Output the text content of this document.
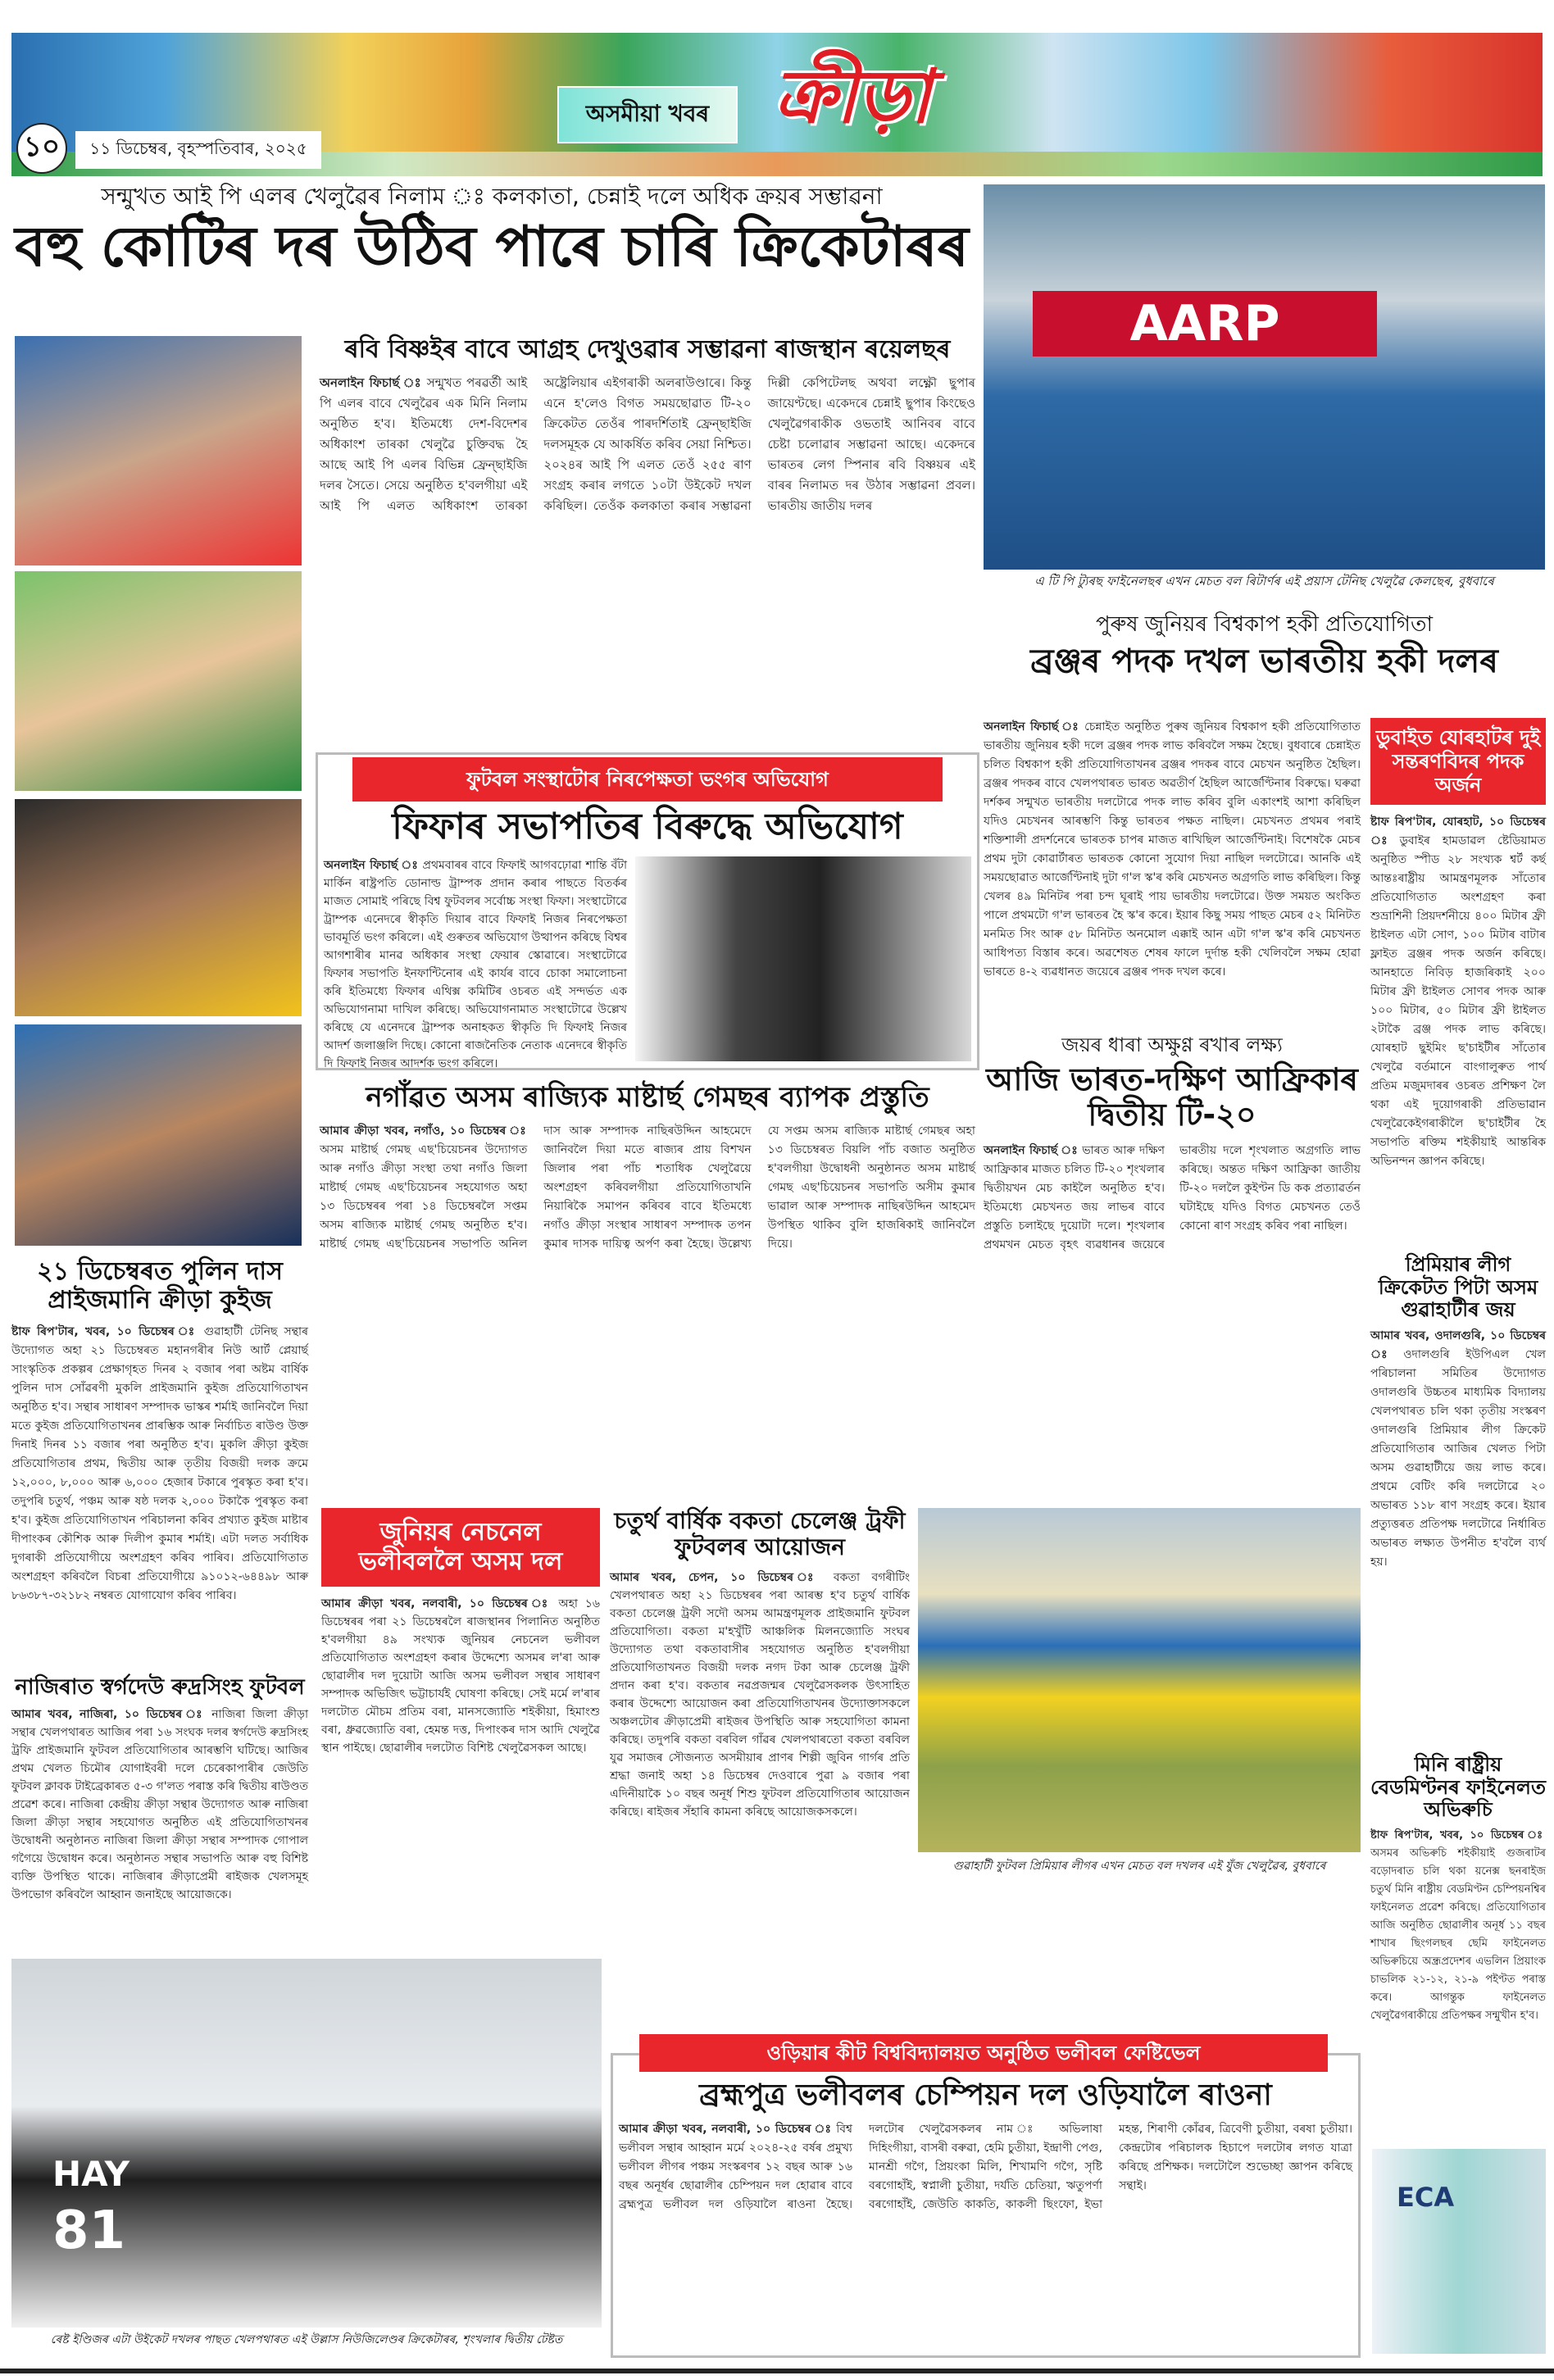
১০	১১ ডিচেম্বৰ, বৃহস্পতিবাৰ, ২০২৫
অসমীয়া খবৰ ক্ৰীড়া
সন্মুখত আই পি এলৰ খেলুৱৈৰ নিলাম ঃ কলকাতা, চেন্নাই দলে অধিক ক্ৰয়ৰ সম্ভাৱনা
বহু কোটিৰ দৰ উঠিব পাৰে চাৰি ক্ৰিকেটাৰৰ
ৰবি বিষ্ণইৰ বাবে আগ্ৰহ দেখুওৱাৰ সম্ভাৱনা ৰাজস্থান ৰয়েলছৰ
অনলাইন ফিচাৰ্ছ ঃ সন্মুখত পৰৱৰ্তী আই পি এলৰ বাবে খেলুৱৈৰ এক মিনি নিলাম অনুষ্ঠিত হ'ব। ইতিমধ্যে দেশ-বিদেশৰ অধিকাংশ তাৰকা খেলুৱৈ চুক্তিবদ্ধ হৈ আছে আই পি এলৰ বিভিন্ন ফ্ৰেন্ছাইজি দলৰ সৈতে। সেয়ে অনুষ্ঠিত হ'বলগীয়া এই আই পি এলত অধিকাংশ তাৰকা অষ্ট্ৰেলিয়াৰ এইগৰাকী অলৰাউণ্ডাৰে। কিন্তু এনে হ'লেও বিগত সময়ছোৱাত টি-২০ ক্ৰিকেটত তেওঁৰ পাৰদৰ্শিতাই ফ্ৰেন্ছাইজি দলসমূহক যে আকৰ্ষিত কৰিব সেয়া নিশ্চিত। ২০২৪ৰ আই পি এলত তেওঁ ২৫৫ ৰাণ সংগ্ৰহ কৰাৰ লগতে ১০টা উইকেট দখল কৰিছিল। তেওঁক কলকাতা কৰাৰ সম্ভাৱনা দিল্লী কেপিটেলছ অথবা লক্ষ্ণৌ ছুপাৰ জায়েণ্টছে। একেদৰে চেন্নাই ছুপাৰ কিংছেও খেলুৱৈগৰাকীক ওভতাই আনিবৰ বাবে চেষ্টা চলোৱাৰ সম্ভাৱনা আছে। একেদৰে ভাৰতৰ লেগ স্পিনাৰ ৰবি বিষ্ণয়ৰ এই বাৰৰ নিলামত দৰ উঠাৰ সম্ভাৱনা প্ৰবল। ভাৰতীয় জাতীয় দলৰ
AARP
এ টি পি ট্যুৰছ ফাইনেলছৰ এখন মেচত বল ৰিটাৰ্ণৰ এই প্ৰয়াস টেনিছ খেলুৱৈ কেলছেৰ, বুধবাৰে
পুৰুষ জুনিয়ৰ বিশ্বকাপ হকী প্ৰতিযোগিতা
ব্ৰঞ্জৰ পদক দখল ভাৰতীয় হকী দলৰ
অনলাইন ফিচাৰ্ছ ঃ চেন্নাইত অনুষ্ঠিত পুৰুষ জুনিয়ৰ বিশ্বকাপ হকী প্ৰতিযোগিতাত ভাৰতীয় জুনিয়ৰ হকী দলে ব্ৰঞ্জৰ পদক লাভ কৰিবলৈ সক্ষম হৈছে। বুধবাৰে চেন্নাইত চলিত বিশ্বকাপ হকী প্ৰতিযোগিতাখনৰ ব্ৰঞ্জৰ পদকৰ বাবে মেচখন অনুষ্ঠিত হৈছিল। ব্ৰঞ্জৰ পদকৰ বাবে খেলপথাৰত ভাৰত অৱতীৰ্ণ হৈছিল আৰ্জেণ্টিনাৰ বিৰুদ্ধে। ঘৰুৱা দৰ্শকৰ সন্মুখত ভাৰতীয় দলটোৱে পদক লাভ কৰিব বুলি একাংশই আশা কৰিছিল যদিও মেচখনৰ আৰম্ভণি কিন্তু ভাৰতৰ পক্ষত নাছিল। মেচখনত প্ৰথমৰ পৰাই শক্তিশালী প্ৰদৰ্শনেৰে ভাৰতক চাপৰ মাজত ৰাখিছিল আৰ্জেণ্টিনাই। বিশেষকৈ মেচৰ প্ৰথম দুটা কোৱাৰ্টাৰত ভাৰতক কোনো সুযোগ দিয়া নাছিল দলটোৱে। আনকি এই সময়ছোৱাত আৰ্জেণ্টিনাই দুটা গ'ল স্ক'ৰ কৰি মেচখনত অগ্ৰগতি লাভ কৰিছিল। কিন্তু খেলৰ ৪৯ মিনিটৰ পৰা চন্দ ঘূৰাই পায় ভাৰতীয় দলটোৱে। উক্ত সময়ত অংকিত পালে প্ৰথমটো গ'ল ভাৰতৰ হৈ স্ক'ৰ কৰে। ইয়াৰ কিছু সময় পাছত মেচৰ ৫২ মিনিটত মনমিত সিং আৰু ৫৮ মিনিটত অনমোল এক্কাই আন এটা গ'ল স্ক'ৰ কৰি মেচখনত আধিপত্য বিস্তাৰ কৰে। অৱশেষত শেষৰ ফালে দুৰ্দান্ত হকী খেলিবলৈ সক্ষম হোৱা ভাৰতে ৪-২ ব্যৱধানত জয়েৰে ব্ৰঞ্জৰ পদক দখল কৰে।
ডুবাইত যোৰহাটৰ দুই সন্তৰণবিদৰ পদক অৰ্জন
ষ্টাফ ৰিপ'টাৰ, যোৰহাট, ১০ ডিচেম্বৰ ঃ ডুবাইৰ হামডাৱল ষ্টেডিয়ামত অনুষ্ঠিত স্পীড ২৮ সংখ্যক শ্বৰ্ট কৰ্ছ আন্তঃৰাষ্ট্ৰীয় আমন্ত্ৰণমূলক সাঁতোৰ প্ৰতিযোগিতাত অংশগ্ৰহণ কৰা শুভ্ৰাশিনী প্ৰিয়দৰ্শনীয়ে ৪০০ মিটাৰ ফ্ৰী ষ্টাইলত এটা সোণ, ১০০ মিটাৰ বাটাৰ ফ্লাইত ব্ৰঞ্জৰ পদক অৰ্জন কৰিছে। আনহাতে নিবিড় হাজৰিকাই ২০০ মিটাৰ ফ্ৰী ষ্টাইলত সোণৰ পদক আৰু ১০০ মিটাৰ, ৫০ মিটাৰ ফ্ৰী ষ্টাইলত ২টাকৈ ব্ৰঞ্জ পদক লাভ কৰিছে। যোৰহাট ছুইমিং ছ'চাইটীৰ সাঁতোৰ খেলুৱৈ বৰ্তমানে বাংগালুৰুত পাৰ্থ প্ৰতিম মজুমদাৰৰ ওচৰত প্ৰশিক্ষণ লৈ থকা এই দুয়োগৰাকী প্ৰতিভাৱান খেলুৱৈকেইগৰাকীলৈ ছ'চাইটীৰ হৈ সভাপতি ৰক্তিম শইকীয়াই আন্তৰিক অভিনন্দন জ্ঞাপন কৰিছে।
ফুটবল সংস্থাটোৰ নিৰপেক্ষতা ভংগৰ অভিযোগ
ফিফাৰ সভাপতিৰ বিৰুদ্ধে অভিযোগ
অনলাইন ফিচাৰ্ছ ঃ প্ৰথমবাৰৰ বাবে ফিফাই আগবঢ়োৱা শান্তি বঁটা মাৰ্কিন ৰাষ্ট্ৰপতি ডোনাল্ড ট্ৰাম্পক প্ৰদান কৰাৰ পাছতে বিতৰ্কৰ মাজত সোমাই পৰিছে বিশ্ব ফুটবলৰ সৰ্বোচ্চ সংস্থা ফিফা। সংস্থাটোৱে ট্ৰাম্পক এনেদৰে স্বীকৃতি দিয়াৰ বাবে ফিফাই নিজৰ নিৰপেক্ষতা ভাবমূৰ্তি ভংগ কৰিলে। এই গুৰুতৰ অভিযোগ উত্থাপন কৰিছে বিশ্বৰ আগশাৰীৰ মানৱ অধিকাৰ সংস্থা ফেয়াৰ স্কোৱাৰে। সংস্থাটোৱে ফিফাৰ সভাপতি ইনফান্টিনোৰ এই কাৰ্যৰ বাবে চোকা সমালোচনা কৰি ইতিমধ্যে ফিফাৰ এথিক্স কমিটিৰ ওচৰত এই সন্দৰ্ভত এক অভিযোগনামা দাখিল কৰিছে। অভিযোগনামাত সংস্থাটোৱে উল্লেখ কৰিছে যে এনেদৰে ট্ৰাম্পক অনাহকত স্বীকৃতি দি ফিফাই নিজৰ আদৰ্শ জলাঞ্জলি দিছে। কোনো ৰাজনৈতিক নেতাক এনেদৰে স্বীকৃতি দি ফিফাই নিজৰ আদৰ্শক ভংগ কৰিলে।
জয়ৰ ধাৰা অক্ষুণ্ণ ৰখাৰ লক্ষ্য
আজি ভাৰত-দক্ষিণ আফ্ৰিকাৰ দ্বিতীয় টি-২০
অনলাইন ফিচাৰ্ছ ঃ ভাৰত আৰু দক্ষিণ আফ্ৰিকাৰ মাজত চলিত টি-২০ শৃংখলাৰ দ্বিতীয়খন মেচ কাইলৈ অনুষ্ঠিত হ'ব। ইতিমধ্যে মেচখনত জয় লাভৰ বাবে প্ৰস্তুতি চলাইছে দুয়োটা দলে। শৃংখলাৰ প্ৰথমখন মেচত বৃহৎ ব্যৱধানৰ জয়েৰে ভাৰতীয় দলে শৃংখলাত অগ্ৰগতি লাভ কৰিছে। অন্তত দক্ষিণ আফ্ৰিকা জাতীয় টি-২০ দললৈ কুইণ্টন ডি কক প্ৰত্যাৱৰ্তন ঘটাইছে যদিও বিগত মেচখনত তেওঁ কোনো ৰাণ সংগ্ৰহ কৰিব পৰা নাছিল।
নগাঁৱত অসম ৰাজ্যিক মাষ্টাৰ্ছ গেমছৰ ব্যাপক প্ৰস্তুতি
আমাৰ ক্ৰীড়া খবৰ, নগাঁও, ১০ ডিচেম্বৰ ঃ অসম মাষ্টাৰ্ছ গেমছ এছ'চিয়েচনৰ উদ্যোগত আৰু নগাঁও ক্ৰীড়া সংস্থা তথা নগাঁও জিলা মাষ্টাৰ্ছ গেমছ এছ'চিয়েচনৰ সহযোগত অহা ১৩ ডিচেম্বৰৰ পৰা ১৪ ডিচেম্বৰলৈ সপ্তম অসম ৰাজ্যিক মাষ্টাৰ্ছ গেমছ অনুষ্ঠিত হ'ব। মাষ্টাৰ্ছ গেমছ এছ'চিয়েচনৰ সভাপতি অনিল দাস আৰু সম্পাদক নাছিৰউদ্দিন আহমেদে জানিবলৈ দিয়া মতে ৰাজ্যৰ প্ৰায় বিশখন জিলাৰ পৰা পাঁচ শতাধিক খেলুৱৈয়ে অংশগ্ৰহণ কৰিবলগীয়া প্ৰতিযোগিতাখনি নিয়াৰিকৈ সমাপন কৰিবৰ বাবে ইতিমধ্যে নগাঁও ক্ৰীড়া সংস্থাৰ সাধাৰণ সম্পাদক তপন কুমাৰ দাসক দায়িত্ব অৰ্পণ কৰা হৈছে। উল্লেখ্য যে সপ্তম অসম ৰাজ্যিক মাষ্টাৰ্ছ গেমছৰ অহা ১৩ ডিচেম্বৰত বিয়লি পাঁচ বজাত অনুষ্ঠিত হ'বলগীয়া উদ্বোধনী অনুষ্ঠানত অসম মাষ্টাৰ্ছ গেমছ এছ'চিয়েচনৰ সভাপতি অসীম কুমাৰ ভাৱাল আৰু সম্পাদক নাছিৰউদ্দিন আহমেদ উপস্থিত থাকিব বুলি হাজৰিকাই জানিবলৈ দিয়ে।
২১ ডিচেম্বৰত পুলিন দাস প্ৰাইজমানি ক্ৰীড়া কুইজ
ষ্টাফ ৰিপ'টাৰ, খবৰ, ১০ ডিচেম্বৰ ঃ গুৱাহাটী টেনিছ সন্থাৰ উদ্যোগত অহা ২১ ডিচেম্বৰত মহানগৰীৰ নিউ আৰ্ট প্লেয়াৰ্ছ সাংস্কৃতিক প্ৰকল্পৰ প্ৰেক্ষাগৃহত দিনৰ ২ বজাৰ পৰা অষ্টম বাৰ্ষিক পুলিন দাস সোঁৱৰণী মুকলি প্ৰাইজমানি কুইজ প্ৰতিযোগিতাখন অনুষ্ঠিত হ'ব। সন্থাৰ সাধাৰণ সম্পাদক ভাস্কৰ শৰ্মাই জানিবলৈ দিয়া মতে কুইজ প্ৰতিযোগিতাখনৰ প্ৰাৰম্ভিক আৰু নিৰ্বাচিত ৰাউণ্ড উক্ত দিনাই দিনৰ ১১ বজাৰ পৰা অনুষ্ঠিত হ'ব। মুকলি ক্ৰীড়া কুইজ প্ৰতিযোগিতাৰ প্ৰথম, দ্বিতীয় আৰু তৃতীয় বিজয়ী দলক ক্ৰমে ১২,০০০, ৮,০০০ আৰু ৬,০০০ হেজাৰ টকাৰে পুৰস্কৃত কৰা হ'ব। তদুপৰি চতুৰ্থ, পঞ্চম আৰু ষষ্ঠ দলক ২,০০০ টকাকৈ পুৰস্কৃত কৰা হ'ব। কুইজ প্ৰতিযোগিতাখন পৰিচালনা কৰিব প্ৰখ্যাত কুইজ মাষ্টাৰ দীপাংকৰ কৌশিক আৰু দিলীপ কুমাৰ শৰ্মাই। এটা দলত সৰ্বাধিক দুগৰাকী প্ৰতিযোগীয়ে অংশগ্ৰহণ কৰিব পাৰিব। প্ৰতিযোগিতাত অংশগ্ৰহণ কৰিবলৈ বিচৰা প্ৰতিযোগীয়ে ৯১০১২-৬৪৪৯৮ আৰু ৮৬৩৮৭-৩২১৮২ নম্বৰত যোগাযোগ কৰিব পাৰিব।
নাজিৰাত স্বৰ্গদেউ ৰুদ্ৰসিংহ ফুটবল
আমাৰ খবৰ, নাজিৰা, ১০ ডিচেম্বৰ ঃ নাজিৰা জিলা ক্ৰীড়া সন্থাৰ খেলপথাৰত আজিৰ পৰা ১৬ সংঘক দলৰ স্বৰ্গদেউ ৰুদ্ৰসিংহ ট্ৰফি প্ৰাইজমানি ফুটবল প্ৰতিযোগিতাৰ আৰম্ভণি ঘটিছে। আজিৰ প্ৰথম খেলত চিমৌৰ যোগাইবৰী দলে চেৰেকাপাৰীৰ জেউতি ফুটবল ক্লাবক টাইব্ৰেকাৰত ৫-৩ গ'লত পৰাস্ত কৰি দ্বিতীয় ৰাউণ্ডত প্ৰৱেশ কৰে। নাজিৰা কেন্দ্ৰীয় ক্ৰীড়া সন্থাৰ উদ্যোগত আৰু নাজিৰা জিলা ক্ৰীড়া সন্থাৰ সহযোগত অনুষ্ঠিত এই প্ৰতিযোগিতাখনৰ উদ্বোধনী অনুষ্ঠানত নাজিৰা জিলা ক্ৰীড়া সন্থাৰ সম্পাদক গোপাল গগৈয়ে উদ্বোধন কৰে। অনুষ্ঠানত সন্থাৰ সভাপতি আৰু বহু বিশিষ্ট ব্যক্তি উপস্থিত থাকে। নাজিৰাৰ ক্ৰীড়াপ্ৰেমী ৰাইজক খেলসমূহ উপভোগ কৰিবলৈ আহ্বান জনাইছে আয়োজকে।
জুনিয়ৰ নেচনেল ভলীবললৈ অসম দল
আমাৰ ক্ৰীড়া খবৰ, নলবাৰী, ১০ ডিচেম্বৰ ঃ অহা ১৬ ডিচেম্বৰৰ পৰা ২১ ডিচেম্বৰলৈ ৰাজস্থানৰ পিলানিত অনুষ্ঠিত হ'বলগীয়া ৪৯ সংখ্যক জুনিয়ৰ নেচনেল ভলীবল প্ৰতিযোগিতাত অংশগ্ৰহণ কৰাৰ উদ্দেশ্যে অসমৰ ল'ৰা আৰু ছোৱালীৰ দল দুয়োটা আজি অসম ভলীবল সন্থাৰ সাধাৰণ সম্পাদক অভিজিৎ ভট্টাচাৰ্যই ঘোষণা কৰিছে। সেই মৰ্মে ল'ৰাৰ দলটোত মৌচম প্ৰতিম বৰা, মানসজ্যোতি শইকীয়া, হিমাংশু বৰা, ধ্ৰুৱজ্যোতি বৰা, হেমন্ত দত্ত, দিপাংকৰ দাস আদি খেলুৱৈ স্থান পাইছে। ছোৱালীৰ দলটোত বিশিষ্ট খেলুৱৈসকল আছে।
চতুৰ্থ বাৰ্ষিক বকতা চেলেঞ্জ ট্ৰফী ফুটবলৰ আয়োজন
আমাৰ খবৰ, চেপন, ১০ ডিচেম্বৰ ঃ বকতা বগৰীটিং খেলপথাৰত অহা ২১ ডিচেম্বৰৰ পৰা আৰম্ভ হ'ব চতুৰ্থ বাৰ্ষিক বকতা চেলেঞ্জ ট্ৰফী সদৌ অসম আমন্ত্ৰণমূলক প্ৰাইজমানি ফুটবল প্ৰতিযোগিতা। বকতা ম'হখুঁটি আঞ্চলিক মিলনজ্যোতি সংঘৰ উদ্যোগত তথা বকতাবাসীৰ সহযোগত অনুষ্ঠিত হ'বলগীয়া প্ৰতিযোগিতাখনত বিজয়ী দলক নগদ টকা আৰু চেলেঞ্জ ট্ৰফী প্ৰদান কৰা হ'ব। বকতাৰ নৱপ্ৰজন্মৰ খেলুৱৈসকলক উৎসাহিত কৰাৰ উদ্দেশ্যে আয়োজন কৰা প্ৰতিযোগিতাখনৰ উদ্যোক্তাসকলে অঞ্চলটোৰ ক্ৰীড়াপ্ৰেমী ৰাইজৰ উপস্থিতি আৰু সহযোগিতা কামনা কৰিছে। তদুপৰি বকতা বৰবিল গাঁৱৰ খেলপথাৰতো বকতা বৰবিল যুৱ সমাজৰ সৌজন্যত অসমীয়াৰ প্ৰাণৰ শিল্পী জুবিন গাৰ্গৰ প্ৰতি শ্ৰদ্ধা জনাই অহা ১৪ ডিচেম্বৰ দেওবাৰে পুৱা ৯ বজাৰ পৰা এদিনীয়াকৈ ১০ বছৰ অনূৰ্ধ শিশু ফুটবল প্ৰতিযোগিতাৰ আয়োজন কৰিছে। ৰাইজৰ সঁহাৰি কামনা কৰিছে আয়োজকসকলে।
গুৱাহাটী ফুটবল প্ৰিমিয়াৰ লীগৰ এখন মেচত বল দখলৰ এই যুঁজ খেলুৱৈৰ, বুধবাৰে
প্ৰিমিয়াৰ লীগ ক্ৰিকেটত পিটা অসম গুৱাহাটীৰ জয়
আমাৰ খবৰ, ওদালগুৰি, ১০ ডিচেম্বৰ ঃ ওদালগুৰি ইউপিএল খেল পৰিচালনা সমিতিৰ উদ্যোগত ওদালগুৰি উচ্চতৰ মাধ্যমিক বিদ্যালয় খেলপথাৰত চলি থকা তৃতীয় সংস্কৰণ ওদালগুৰি প্ৰিমিয়াৰ লীগ ক্ৰিকেট প্ৰতিযোগিতাৰ আজিৰ খেলত পিটা অসম গুৱাহাটীয়ে জয় লাভ কৰে। প্ৰথমে বেটিং কৰি দলটোৱে ২০ অভাৰত ১১৮ ৰাণ সংগ্ৰহ কৰে। ইয়াৰ প্ৰত্যুত্তৰত প্ৰতিপক্ষ দলটোৱে নিৰ্ধাৰিত অভাৰত লক্ষ্যত উপনীত হ'বলৈ ব্যৰ্থ হয়।
মিনি ৰাষ্ট্ৰীয় বেডমিণ্টনৰ ফাইনেলত অভিৰুচি
ষ্টাফ ৰিপ'টাৰ, খবৰ, ১০ ডিচেম্বৰ ঃ অসমৰ অভিৰুচি শইকীয়াই গুজৰাটৰ বড়োদৰাত চলি থকা য়নেক্স ছনৰাইজ চতুৰ্থ মিনি ৰাষ্ট্ৰীয় বেডমিণ্টন চেম্পিয়নশ্বিৰ ফাইনেলত প্ৰৱেশ কৰিছে। প্ৰতিযোগিতাৰ আজি অনুষ্ঠিত ছোৱালীৰ অনূৰ্ধ ১১ বছৰ শাখাৰ ছিংগলছৰ ছেমি ফাইনেলত অভিৰুচিয়ে অন্ধ্ৰপ্ৰদেশৰ এভলিন প্ৰিয়াংক চাভলিক ২১-১২, ২১-৯ পইণ্টত পৰাস্ত কৰে। আগন্তুক ফাইনেলত খেলুৱৈগৰাকীয়ে প্ৰতিপক্ষৰ সন্মুখীন হ'ব।
ECA
ওড়িয়াৰ কীট বিশ্ববিদ্যালয়ত অনুষ্ঠিত ভলীবল ফেষ্টিভেল
ব্ৰহ্মপুত্ৰ ভলীবলৰ চেম্পিয়ন দল ওড়িযালৈ ৰাওনা
আমাৰ ক্ৰীড়া খবৰ, নলবাৰী, ১০ ডিচেম্বৰ ঃ বিশ্ব ভলীবল সন্থাৰ আহ্বান মৰ্মে ২০২৪-২৫ বৰ্ষৰ প্ৰমুখ্য ভলীবল লীগৰ পঞ্চম সংস্কৰণৰ ১২ বছৰ আৰু ১৬ বছৰ অনূৰ্ধৰ ছোৱালীৰ চেম্পিয়ন দল হোৱাৰ বাবে ব্ৰহ্মপুত্ৰ ভলীবল দল ওড়িযালৈ ৰাওনা হৈছে। দলটোৰ খেলুৱৈসকলৰ নাম ঃ অভিলাষা দিহিংগীয়া, বাসৰী বৰুৱা, হেমি চুতীয়া, ইন্দ্ৰাণী পেগু, মানশ্ৰী গগৈ, প্ৰিয়ংকা মিলি, শিখামণি গগৈ, সৃষ্টি বৰগোহাঁই, স্বপ্নালী চুতীয়া, দৰ্যতি চেতিয়া, ঋতুপৰ্ণা বৰগোহাঁই, জেউতি কাকতি, কাকলী ছিংফো, ইভা মহন্ত, শিৰাণী কোঁৱৰ, ত্ৰিবেণী চুতীয়া, বৰষা চুতীয়া। কেন্দ্ৰটোৰ পৰিচালক হিচাপে দলটোৰ লগত যাত্ৰা কৰিছে প্ৰশিক্ষক। দলটোলৈ শুভেচ্ছা জ্ঞাপন কৰিছে সন্থাই।
HAY
81
ৰেষ্ট ইণ্ডিজৰ এটা উইকেট দখলৰ পাছত খেলপথাৰত এই উল্লাস নিউজিলেণ্ডৰ ক্ৰিকেটাৰৰ, শৃংখলাৰ দ্বিতীয় টেষ্টত
